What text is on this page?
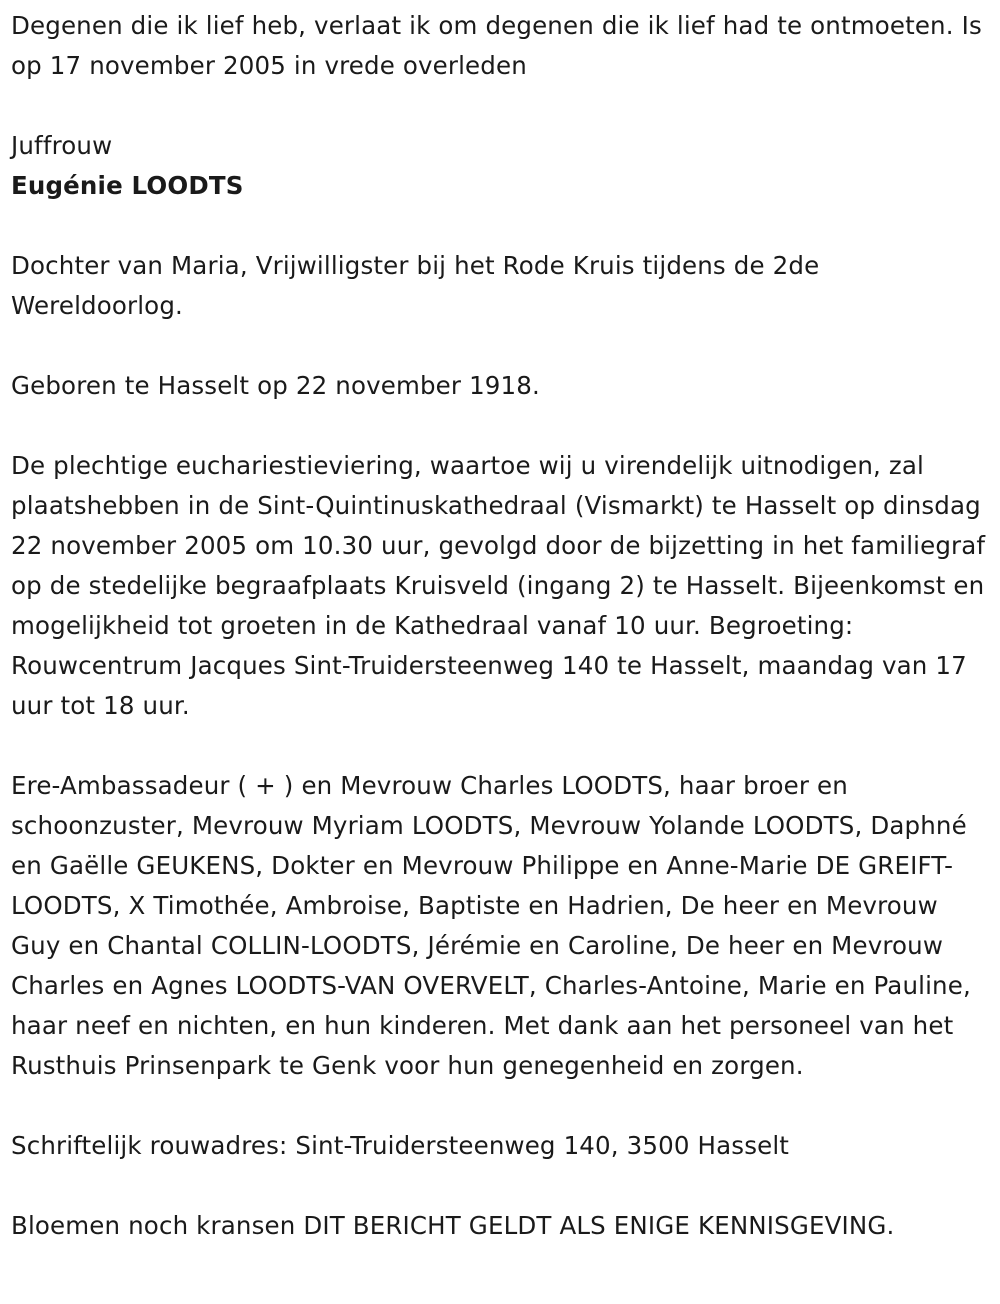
Degenen die ik lief heb, verlaat ik om degenen die ik lief had te ontmoeten. Is op 17 november 2005 in vrede overleden

Juffrouw

Eugénie LOODTS

Dochter van Maria, Vrijwilligster bij het Rode Kruis tijdens de 2de Wereldoorlog.

Geboren te Hasselt op 22 november 1918.

De plechtige euchariestieviering, waartoe wij u virendelijk uitnodigen, zal plaatshebben in de Sint-Quintinuskathedraal (Vismarkt) te Hasselt op dinsdag 22 november 2005 om 10.30 uur, gevolgd door de bijzetting in het familiegraf op de stedelijke begraafplaats Kruisveld (ingang 2) te Hasselt. Bijeenkomst en mogelijkheid tot groeten in de Kathedraal vanaf 10 uur. Begroeting: Rouwcentrum Jacques Sint-Truidersteenweg 140 te Hasselt, maandag van 17 uur tot 18 uur.

Ere-Ambassadeur ( + ) en Mevrouw Charles LOODTS, haar broer en schoonzuster, Mevrouw Myriam LOODTS, Mevrouw Yolande LOODTS, Daphné en Gaëlle GEUKENS, Dokter en Mevrouw Philippe en Anne-Marie DE GREIFT-LOODTS, X Timothée, Ambroise, Baptiste en Hadrien, De heer en Mevrouw Guy en Chantal COLLIN-LOODTS, Jérémie en Caroline, De heer en Mevrouw Charles en Agnes LOODTS-VAN OVERVELT, Charles-Antoine, Marie en Pauline, haar neef en nichten, en hun kinderen. Met dank aan het personeel van het Rusthuis Prinsenpark te Genk voor hun genegenheid en zorgen.

Schriftelijk rouwadres: Sint-Truidersteenweg 140, 3500 Hasselt

Bloemen noch kransen DIT BERICHT GELDT ALS ENIGE KENNISGEVING.
